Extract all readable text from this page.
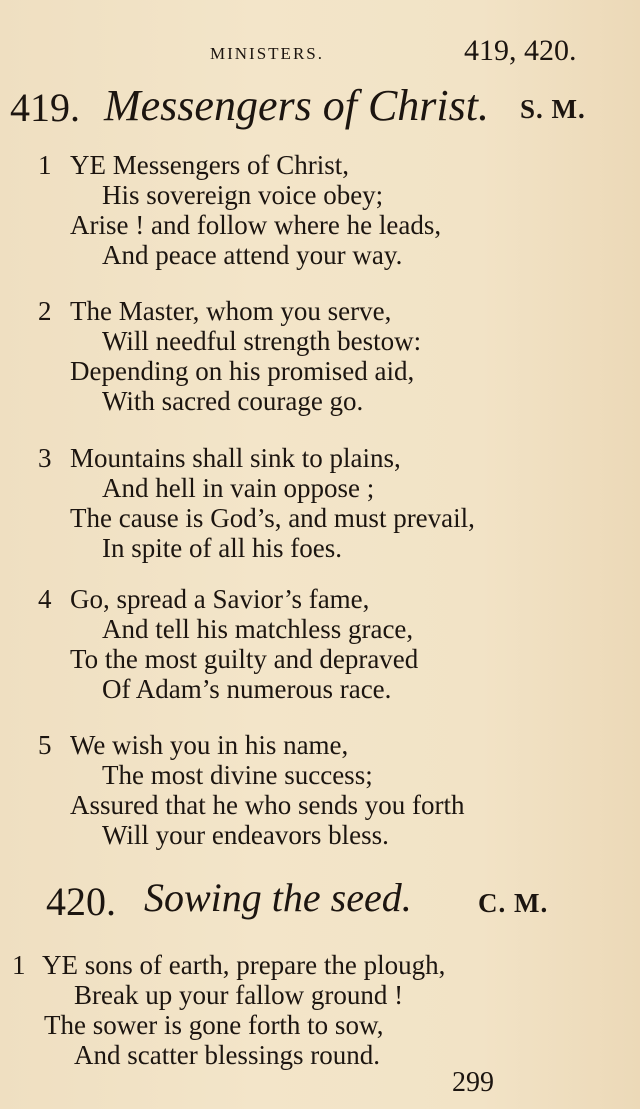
MINISTERS.	419, 420.
419. Messengers of Christ. S. M.
1 YE Messengers of Christ,
His sovereign voice obey;
Arise ! and follow where he leads,
And peace attend your way.
2 The Master, whom you serve,
Will needful strength bestow:
Depending on his promised aid,
With sacred courage go.
3 Mountains shall sink to plains,
And hell in vain oppose ;
The cause is God’s, and must prevail,
In spite of all his foes.
4 Go, spread a Savior’s fame,
And tell his matchless grace,
To the most guilty and depraved
Of Adam’s numerous race.
5 We wish you in his name,
The most divine success;
Assured that he who sends you forth
Will your endeavors bless.
420. Sowing the seed. C. M.
1 YE sons of earth, prepare the plough,
Break up your fallow ground !
The sower is gone forth to sow,
And scatter blessings round.
299
